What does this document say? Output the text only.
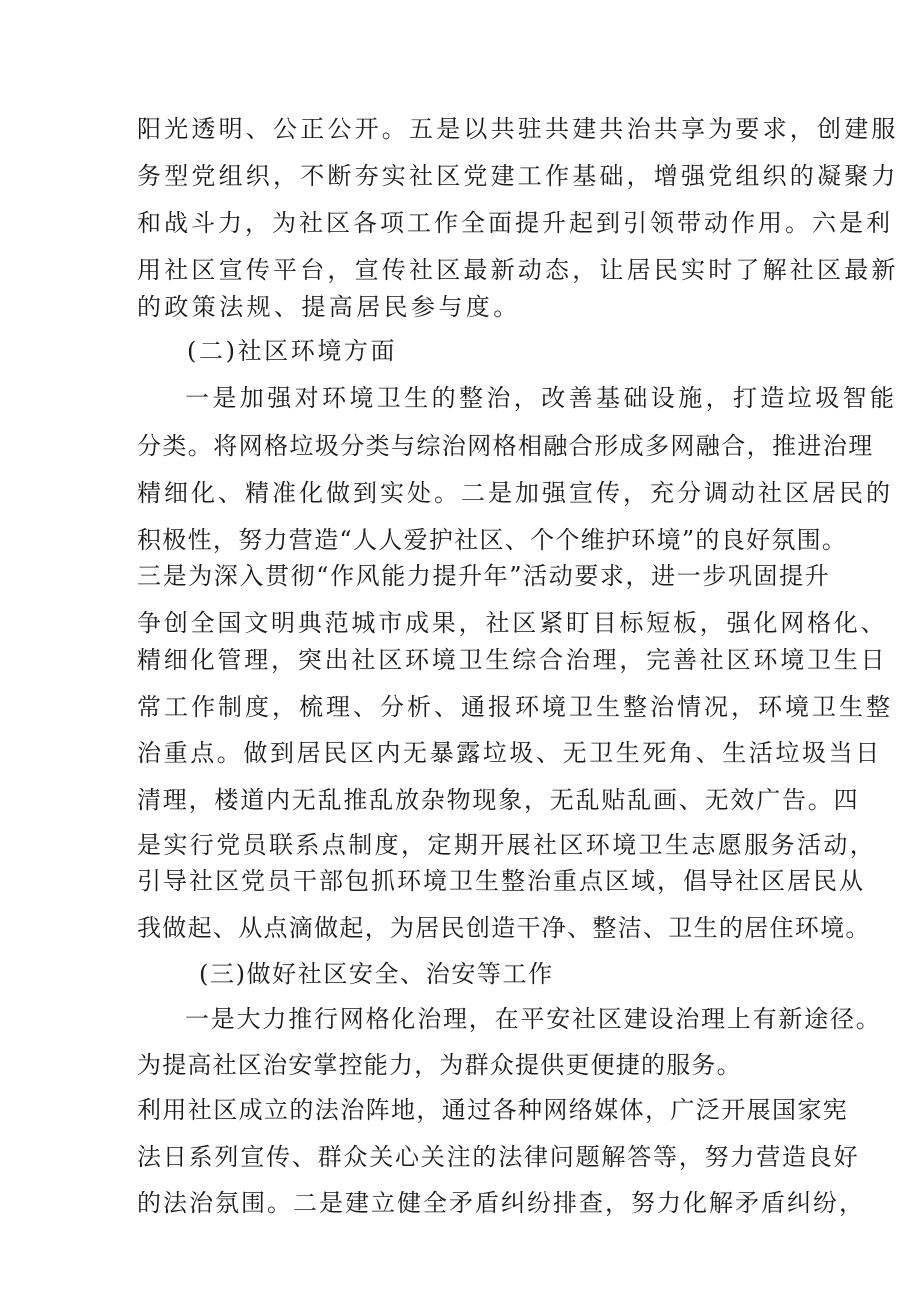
阳光透明、公正公开。五是以共驻共建共治共享为要求，创建服
务型党组织，不断夯实社区党建工作基础，增强党组织的凝聚力
和战斗力，为社区各项工作全面提升起到引领带动作用。六是利
用社区宣传平台，宣传社区最新动态，让居民实时了解社区最新
的政策法规、提高居民参与度。
(二)社区环境方面
一是加强对环境卫生的整治，改善基础设施，打造垃圾智能
分类。将网格垃圾分类与综治网格相融合形成多网融合，推进治理
精细化、精准化做到实处。二是加强宣传，充分调动社区居民的
积极性，努力营造“人人爱护社区、个个维护环境”的良好氛围。
三是为深入贯彻“作风能力提升年”活动要求，进一步巩固提升
争创全国文明典范城市成果，社区紧盯目标短板，强化网格化、
精细化管理，突出社区环境卫生综合治理，完善社区环境卫生日
常工作制度，梳理、分析、通报环境卫生整治情况，环境卫生整
治重点。做到居民区内无暴露垃圾、无卫生死角、生活垃圾当日
清理，楼道内无乱推乱放杂物现象，无乱贴乱画、无效广告。四
是实行党员联系点制度，定期开展社区环境卫生志愿服务活动，
引导社区党员干部包抓环境卫生整治重点区域，倡导社区居民从
我做起、从点滴做起，为居民创造干净、整洁、卫生的居住环境。
(三)做好社区安全、治安等工作
一是大力推行网格化治理，在平安社区建设治理上有新途径。
为提高社区治安掌控能力，为群众提供更便捷的服务。
利用社区成立的法治阵地，通过各种网络媒体，广泛开展国家宪
法日系列宣传、群众关心关注的法律问题解答等，努力营造良好
的法治氛围。二是建立健全矛盾纠纷排查，努力化解矛盾纠纷，
